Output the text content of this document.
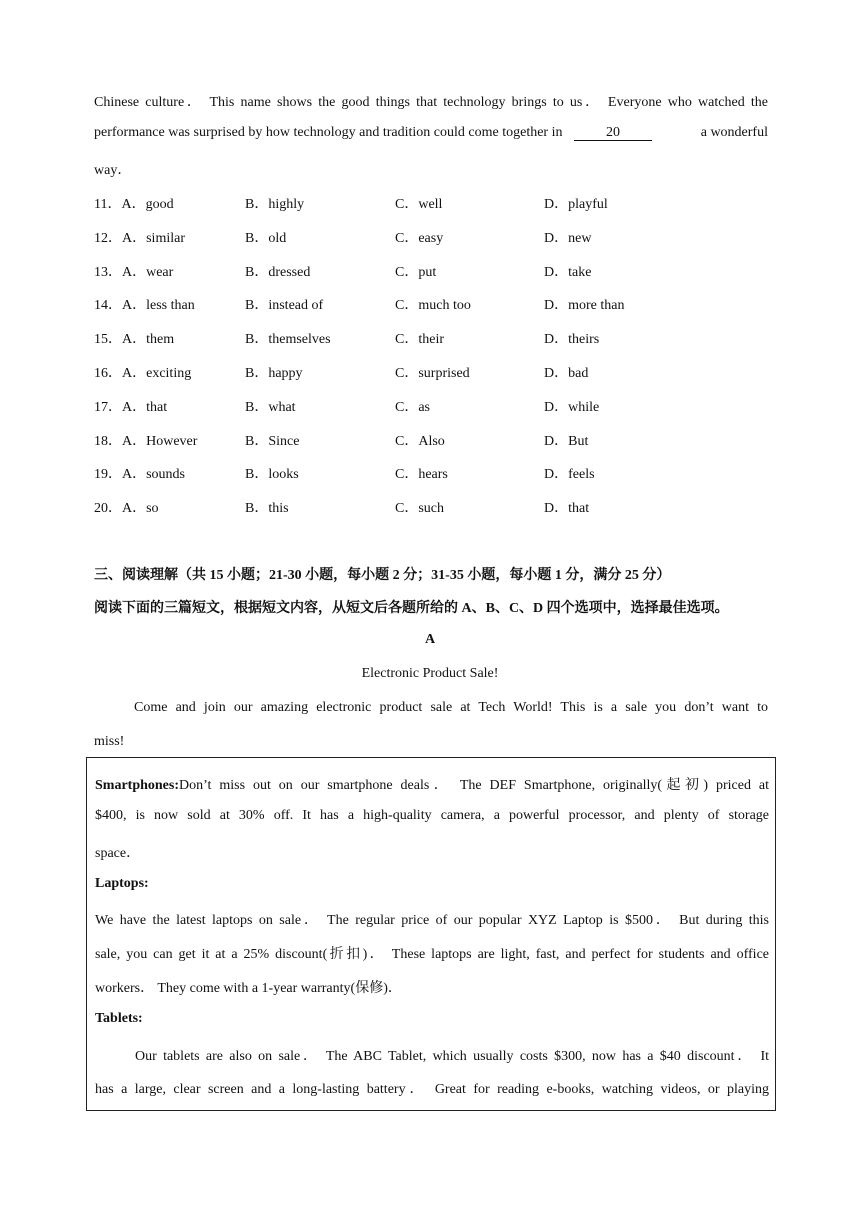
Chinese culture． This name shows the good things that technology brings to us． Everyone who watched the
performance was surprised by how technology and tradition could come together in	20	a wonderful
way．
11．A．good	B．highly	C．well	D．playful
12．A．similar	B．old	C．easy	D．new
13．A．wear	B．dressed	C．put	D．take
14．A．less than	B．instead of	C．much too	D．more than
15．A．them	B．themselves	C．their	D．theirs
16．A．exciting	B．happy	C．surprised	D．bad
17．A．that	B．what	C．as	D．while
18．A．However	B．Since	C．Also	D．But
19．A．sounds	B．looks	C．hears	D．feels
20．A．so	B．this	C．such	D．that
三、阅读理解（共 15 小题；21-30 小题，每小题 2 分；31-35 小题，每小题 1 分，满分 25 分）
阅读下面的三篇短文，根据短文内容，从短文后各题所给的 A、B、C、D 四个选项中，选择最佳选项。
A
Electronic Product Sale!
Come and join our amazing electronic product sale at Tech World! This is a sale you don’t want to
miss!
Smartphones:Don’t miss out on our smartphone deals． The DEF Smartphone, originally(起初) priced at
$400, is now sold at 30% off. It has a high-quality camera, a powerful processor, and plenty of storage
space．
Laptops:
We have the latest laptops on sale． The regular price of our popular XYZ Laptop is $500． But during this
sale, you can get it at a 25% discount(折扣)． These laptops are light, fast, and perfect for students and office
workers． They come with a 1-year warranty(保修)．
Tablets:
Our tablets are also on sale． The ABC Tablet, which usually costs $300, now has a $40 discount． It
has a large, clear screen and a long-lasting battery． Great for reading e-books, watching videos, or playing
